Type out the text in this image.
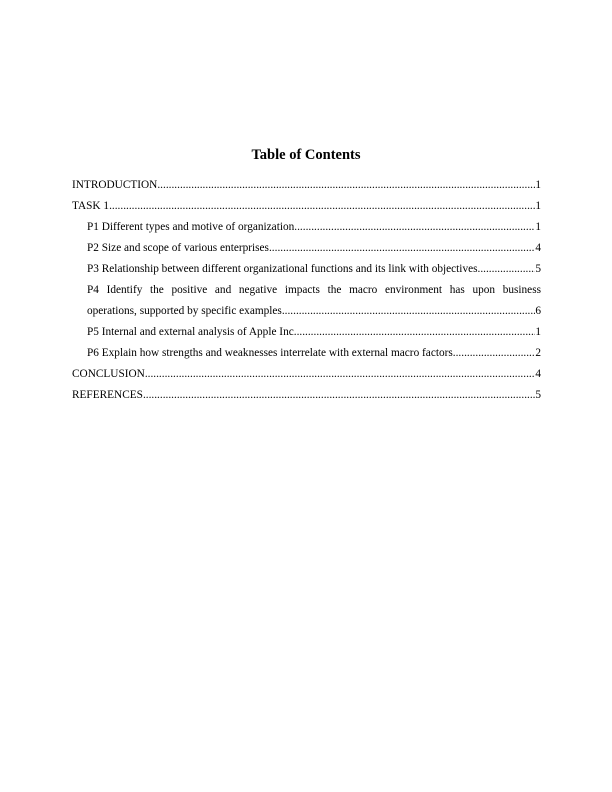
Table of Contents
INTRODUCTION .....	1
TASK 1 .....	1
P1 Different types and motive of organization .....	1
P2 Size and scope of various enterprises .....	4
P3 Relationship between different organizational functions and its link with objectives .....	5
P4 Identify the positive and negative impacts the macro environment has upon business
operations, supported by specific examples .....	6
P5 Internal and external analysis of Apple Inc. .....	1
P6 Explain how strengths and weaknesses interrelate with external macro factors .....	2
CONCLUSION .....	4
REFERENCES .....	5
